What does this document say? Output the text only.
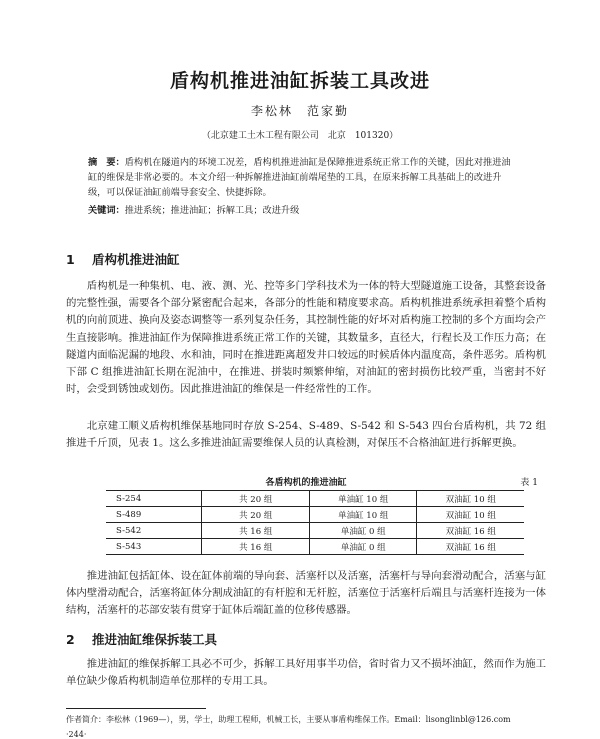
盾构机推进油缸拆装工具改进
李松林　范家勤
（北京建工土木工程有限公司　北京　101320）
摘　要：盾构机在隧道内的环境工况差，盾构机推进油缸是保障推进系统正常工作的关键，因此对推进油缸的维保是非常必要的。本文介绍一种拆解推进油缸前端尾垫的工具，在原来拆解工具基础上的改进升级，可以保证油缸前端导套安全、快捷拆除。
关键词：推进系统；推进油缸；拆解工具；改进升级
1 盾构机推进油缸

盾构机是一种集机、电、液、测、光、控等多门学科技术为一体的特大型隧道施工设备，其整套设备的完整性强，需要各个部分紧密配合起来，各部分的性能和精度要求高。盾构机推进系统承担着整个盾构机的向前顶进、换向及姿态调整等一系列复杂任务，其控制性能的好坏对盾构施工控制的多个方面均会产生直接影响。推进油缸作为保障推进系统正常工作的关键，其数量多，直径大，行程长及工作压力高；在隧道内面临泥漏的地段、水和油，同时在推进距离超发井口较远的时候盾体内温度高，条件恶劣。盾构机下部 C 组推进油缸长期在泥油中，在推进、拼装时频繁伸缩，对油缸的密封损伤比较严重，当密封不好时，会受到锈蚀或划伤。因此推进油缸的维保是一件经常性的工作。

北京建工顺义盾构机维保基地同时存放 S-254、S-489、S-542 和 S-543 四台台盾构机，共 72 组推进千斤顶，见表 1。这么多推进油缸需要维保人员的认真检测，对保压不合格油缸进行拆解更换。

各盾构机的推进油缸	表 1
S-254	共 20 组	单油缸 10 组	双油缸 10 组
S-489	共 20 组	单油缸 10 组	双油缸 10 组
S-542	共 16 组	单油缸 0 组	双油缸 16 组
S-543	共 16 组	单油缸 0 组	双油缸 16 组

推进油缸包括缸体、设在缸体前端的导向套、活塞杆以及活塞，活塞杆与导向套滑动配合，活塞与缸体内壁滑动配合，活塞将缸体分割成油缸的有杆腔和无杆腔，活塞位于活塞杆后端且与活塞杆连接为一体结构，活塞杆的芯部安装有贯穿于缸体后端缸盖的位移传感器。

2 推进油缸维保拆装工具

推进油缸的维保拆解工具必不可少，拆解工具好用事半功倍，省时省力又不损坏油缸，然而作为施工单位缺少像盾构机制造单位那样的专用工具。

作者简介：李松林（1969—），男，学士，助理工程师，机械工长，主要从事盾构维保工作。Email：lisonglinbl@126.com
·244·
